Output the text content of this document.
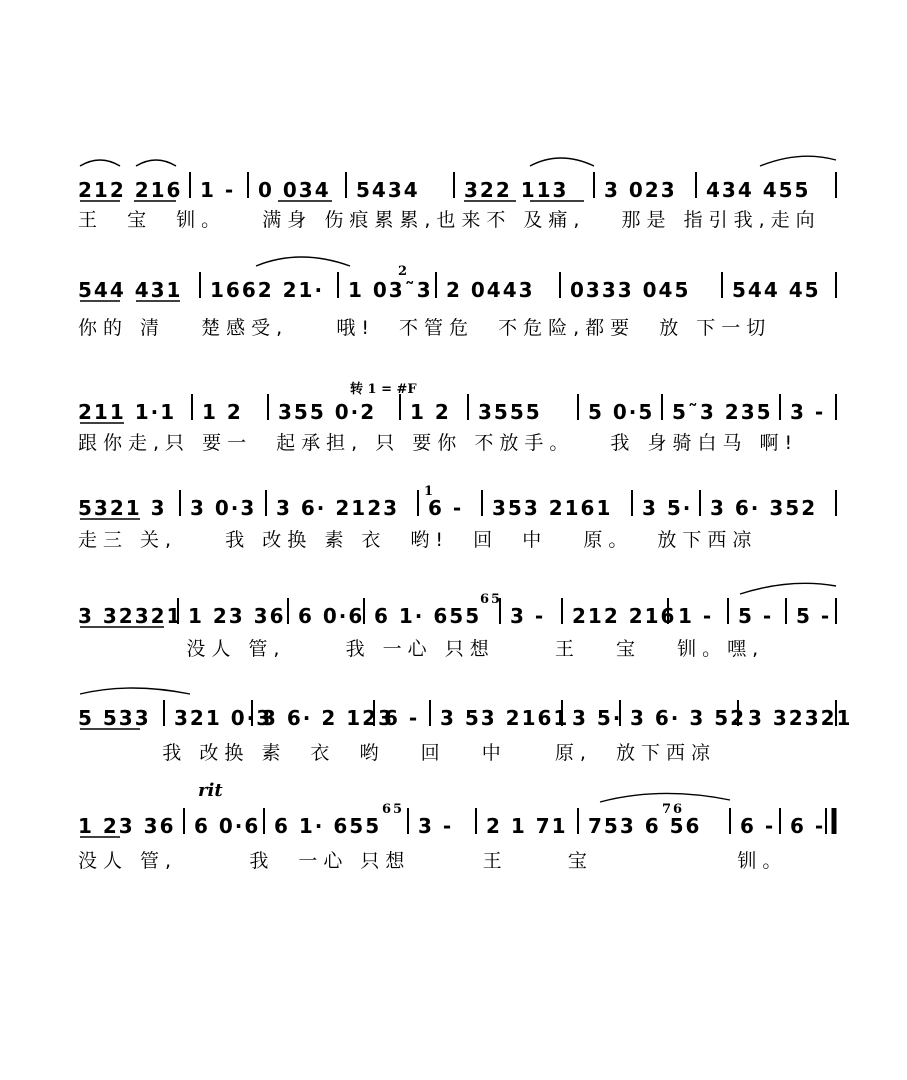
212 216 1 - 0 034 5434 322 113 3 023 434 455
王  宝  钏。   满身 伤痕累累,也来不 及痛,   那是 指引我,走向
544 431 1662 21· 1 03˜3 2 0443 0333 045 544 45
2
你的 清   楚感受,    哦!  不管危  不危险,都要  放 下一切
转 1 = #F
211 1·1 1 2 355 0·2 1 2 3555 5 0·5 5˜3 235 3 -
跟你走,只 要一  起承担, 只 要你 不放手。   我 身骑白马 啊!
5321 3 3 0·3 3 6· 2123 6 - 353 2161 3 5· 3 6· 352
1
走三 关,    我 改换 素 衣  哟!  回  中   原。  放下西凉
3 32321 1 23 36 6 0·6 6 1· 655 3 - 212 216 1 - 5 - 5 -
65
没人 管,     我 一心 只想     王   宝   钏。嘿,
5 533 321 0·3
3 6· 2 123
6 - 3 53 2161 3 5· 3 6· 3 52 3 32321
我 改换 素  衣  哟   回   中    原,  放下西凉
rit
1 23 36 6 0·6 6 1· 655 3 - 2 1 71 753 6 56 6 - 6 -
65	76
没人 管,      我  一心 只想      王     宝            钏。
